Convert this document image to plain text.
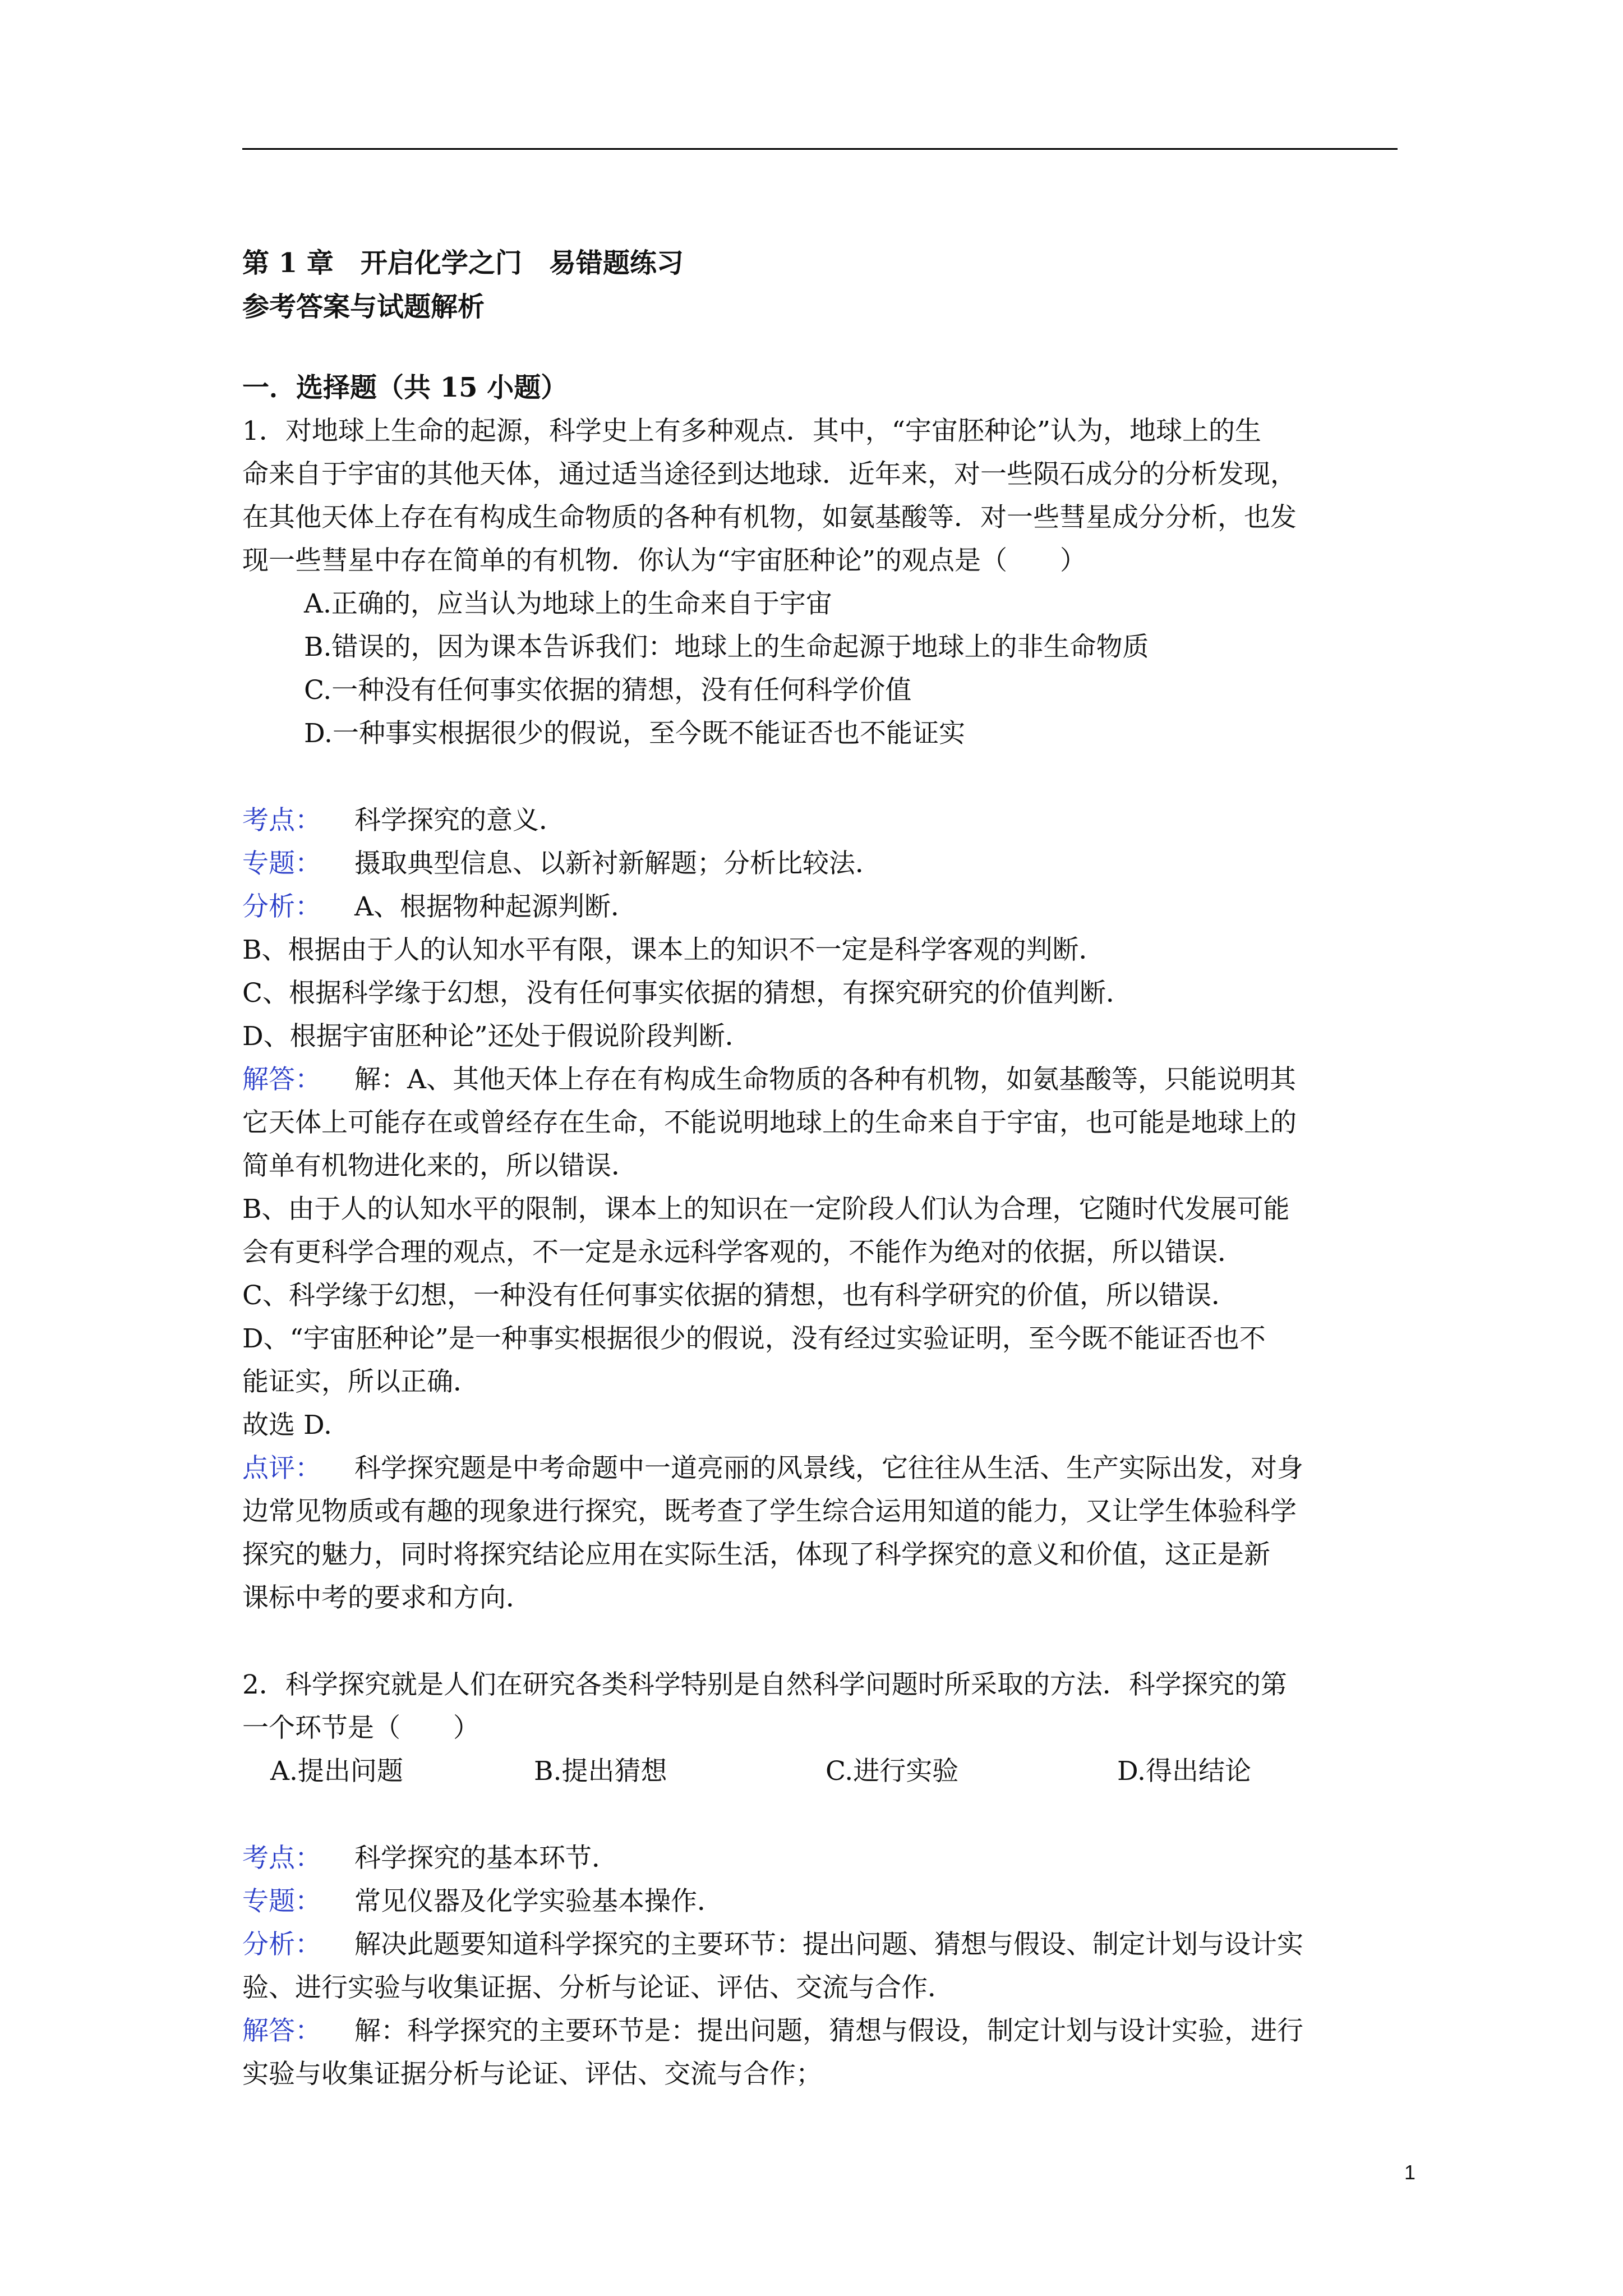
第 1 章　开启化学之门　易错题练习
参考答案与试题解析
一．选择题（共 15 小题）
1．对地球上生命的起源，科学史上有多种观点．其中，“宇宙胚种论”认为，地球上的生
命来自于宇宙的其他天体，通过适当途径到达地球．近年来，对一些陨石成分的分析发现，
在其他天体上存在有构成生命物质的各种有机物，如氨基酸等．对一些彗星成分分析，也发
现一些彗星中存在简单的有机物．你认为“宇宙胚种论”的观点是（　　）
A.正确的，应当认为地球上的生命来自于宇宙
B.错误的，因为课本告诉我们：地球上的生命起源于地球上的非生命物质
C.一种没有任何事实依据的猜想，没有任何科学价值
D.一种事实根据很少的假说，至今既不能证否也不能证实
考点： 科学探究的意义．
专题： 摄取典型信息、以新衬新解题；分析比较法．
分析： A、根据物种起源判断．
B、根据由于人的认知水平有限，课本上的知识不一定是科学客观的判断．
C、根据科学缘于幻想，没有任何事实依据的猜想，有探究研究的价值判断．
D、根据宇宙胚种论”还处于假说阶段判断．
解答： 解：A、其他天体上存在有构成生命物质的各种有机物，如氨基酸等，只能说明其
它天体上可能存在或曾经存在生命，不能说明地球上的生命来自于宇宙，也可能是地球上的
简单有机物进化来的，所以错误．
B、由于人的认知水平的限制，课本上的知识在一定阶段人们认为合理，它随时代发展可能
会有更科学合理的观点，不一定是永远科学客观的，不能作为绝对的依据，所以错误．
C、科学缘于幻想，一种没有任何事实依据的猜想，也有科学研究的价值，所以错误．
D、“宇宙胚种论”是一种事实根据很少的假说，没有经过实验证明，至今既不能证否也不
能证实，所以正确．
故选 D.
点评： 科学探究题是中考命题中一道亮丽的风景线，它往往从生活、生产实际出发，对身
边常见物质或有趣的现象进行探究，既考查了学生综合运用知道的能力，又让学生体验科学
探究的魅力，同时将探究结论应用在实际生活，体现了科学探究的意义和价值，这正是新
课标中考的要求和方向．
2．科学探究就是人们在研究各类科学特别是自然科学问题时所采取的方法．科学探究的第
一个环节是（　　）
A.提出问题	B.提出猜想	C.进行实验	D.得出结论
考点： 科学探究的基本环节．
专题： 常见仪器及化学实验基本操作．
分析： 解决此题要知道科学探究的主要环节：提出问题、猜想与假设、制定计划与设计实
验、进行实验与收集证据、分析与论证、评估、交流与合作．
解答： 解：科学探究的主要环节是：提出问题，猜想与假设，制定计划与设计实验，进行
实验与收集证据分析与论证、评估、交流与合作；
1
